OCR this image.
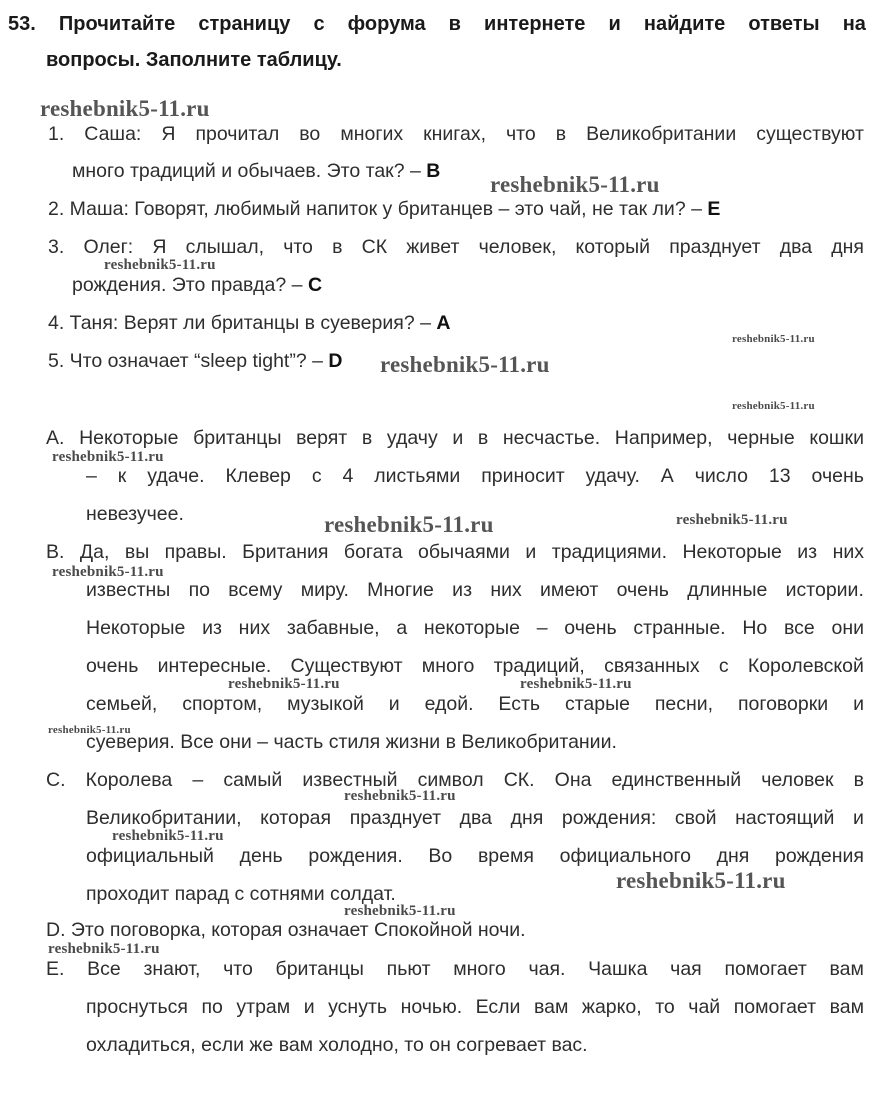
53. Прочитайте страницу с форума в интернете и найдите ответы на
вопросы. Заполните таблицу.
1. Саша: Я прочитал во многих книгах, что в Великобритании существуют
много традиций и обычаев. Это так? – B
2. Маша: Говорят, любимый напиток у британцев – это чай, не так ли? – E
3. Олег: Я слышал, что в СК живет человек, который празднует два дня
рождения. Это правда? – C
4. Таня: Верят ли британцы в суеверия? – A
5. Что означает “sleep tight”? – D
A. Некоторые британцы верят в удачу и в несчастье. Например, черные кошки
– к удаче. Клевер с 4 листьями приносит удачу. А число 13 очень
невезучее.
B. Да, вы правы. Британия богата обычаями и традициями. Некоторые из них
известны по всему миру. Многие из них имеют очень длинные истории.
Некоторые из них забавные, а некоторые – очень странные. Но все они
очень интересные. Существуют много традиций, связанных с Королевской
семьей, спортом, музыкой и едой. Есть старые песни, поговорки и
суеверия. Все они – часть стиля жизни в Великобритании.
C. Королева – самый известный символ СК. Она единственный человек в
Великобритании, которая празднует два дня рождения: свой настоящий и
официальный день рождения. Во время официального дня рождения
проходит парад с сотнями солдат.
D. Это поговорка, которая означает Спокойной ночи.
E. Все знают, что британцы пьют много чая. Чашка чая помогает вам
проснуться по утрам и уснуть ночью. Если вам жарко, то чай помогает вам
охладиться, если же вам холодно, то он согревает вас.
reshebnik5-11.ru
reshebnik5-11.ru
reshebnik5-11.ru
reshebnik5-11.ru
reshebnik5-11.ru
reshebnik5-11.ru
reshebnik5-11.ru
reshebnik5-11.ru	reshebnik5-11.ru
reshebnik5-11.ru
reshebnik5-11.ru	reshebnik5-11.ru
reshebnik5-11.ru
reshebnik5-11.ru
reshebnik5-11.ru
reshebnik5-11.ru
reshebnik5-11.ru
reshebnik5-11.ru
